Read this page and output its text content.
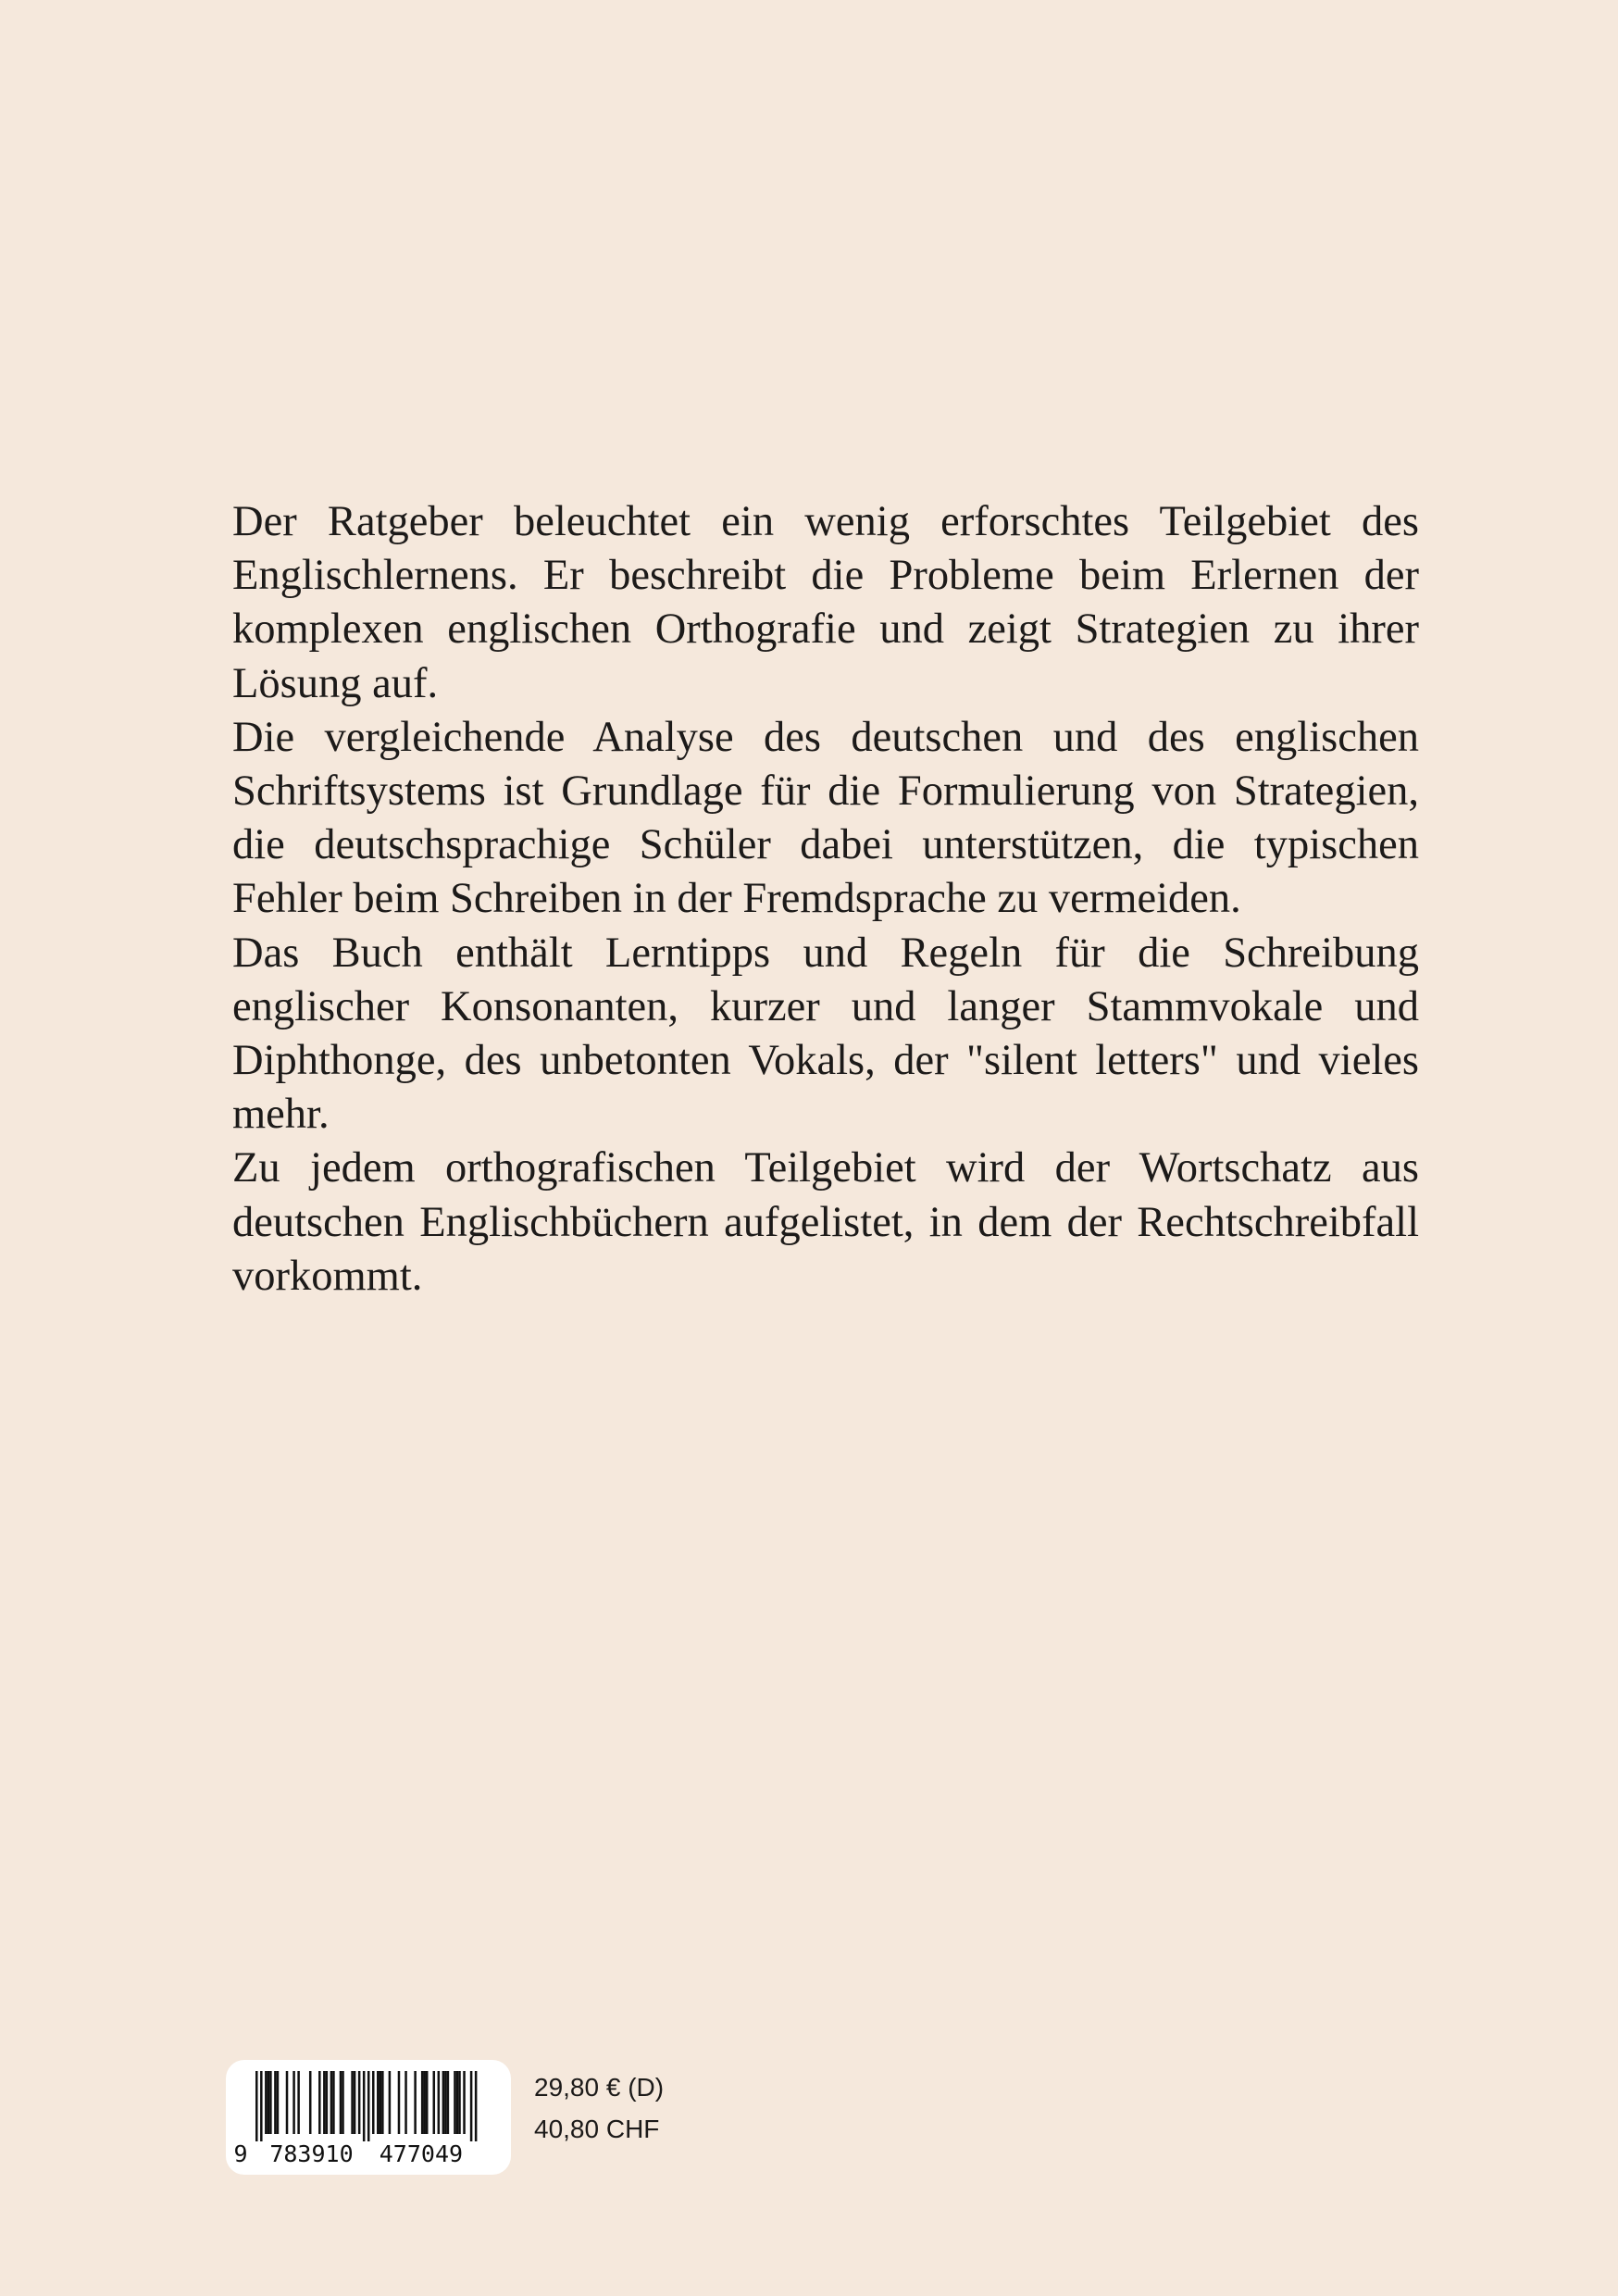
Der Ratgeber beleuchtet ein wenig erforschtes Teilgebiet des Englischlernens. Er beschreibt die Probleme beim Erlernen der komplexen englischen Orthografie und zeigt Strategien zu ihrer Lösung auf.

Die vergleichende Analyse des deutschen und des englischen Schriftsystems ist Grundlage für die Formulierung von Strategien, die deutschsprachige Schüler dabei unterstützen, die typischen Fehler beim Schreiben in der Fremdsprache zu vermeiden.

Das Buch enthält Lerntipps und Regeln für die Schreibung englischer Konsonanten, kurzer und langer Stammvokale und Diphthonge, des unbetonten Vokals, der "silent letters" und vieles mehr.

Zu jedem orthografischen Teilgebiet wird der Wortschatz aus deutschen Englischbüchern aufgelistet, in dem der Rechtschreibfall vorkommt.

9 783910 477049
29,80 € (D)
40,80 CHF
